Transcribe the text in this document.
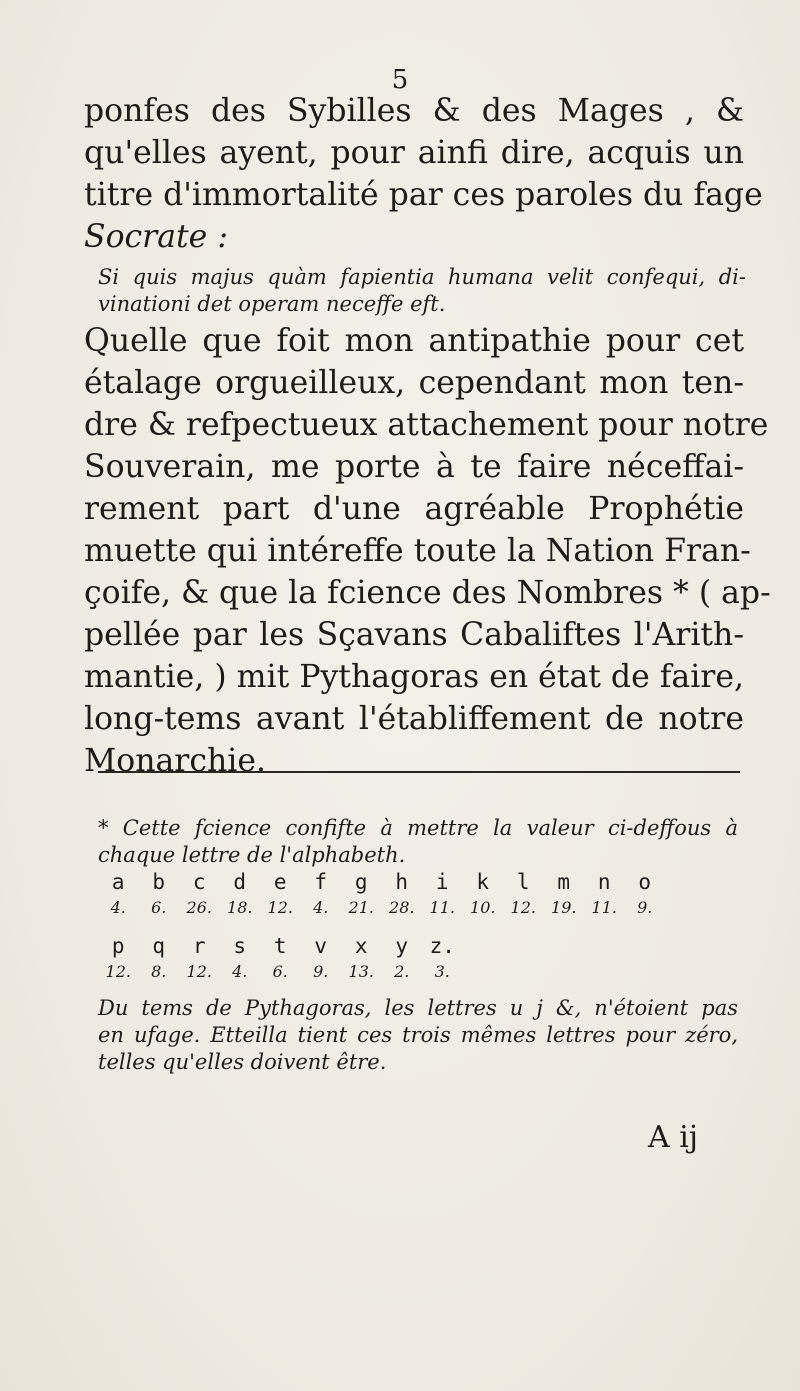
5
ponfes des Sybilles & des Mages , &
qu'elles ayent, pour ainfi dire, acquis un
titre d'immortalité par ces paroles du fage
Socrate :
Si quis majus quàm fapientia humana velit confequi, di-
vinationi det operam neceffe eft.
Quelle que foit mon antipathie pour cet
étalage orgueilleux, cependant mon ten-
dre & refpectueux attachement pour notre
Souverain, me porte à te faire néceffai-
rement part d'une agréable Prophétie
muette qui intéreffe toute la Nation Fran-
çoife, & que la fcience des Nombres * ( ap-
pellée par les Sçavans Cabaliftes l'Arith-
mantie, ) mit Pythagoras en état de faire,
long-tems avant l'établiffement de notre
Monarchie.
* Cette fcience confifte à mettre la valeur ci-deffous à
chaque lettre de l'alphabeth.
a	b	c	d	e	f	g	h	i	k	l	m	n	o
4.	6.	26. 18. 12.	4.	21. 28. 11. 10. 12. 19. 11.	9.
p	q	r	s	t	v	x	y	z.
12.	8.	12.	4.	6.	9.	13.	2.	3.
Du tems de Pythagoras, les lettres u j &, n'étoient pas
en ufage. Etteilla tient ces trois mêmes lettres pour zéro,
telles qu'elles doivent être.
A ij
